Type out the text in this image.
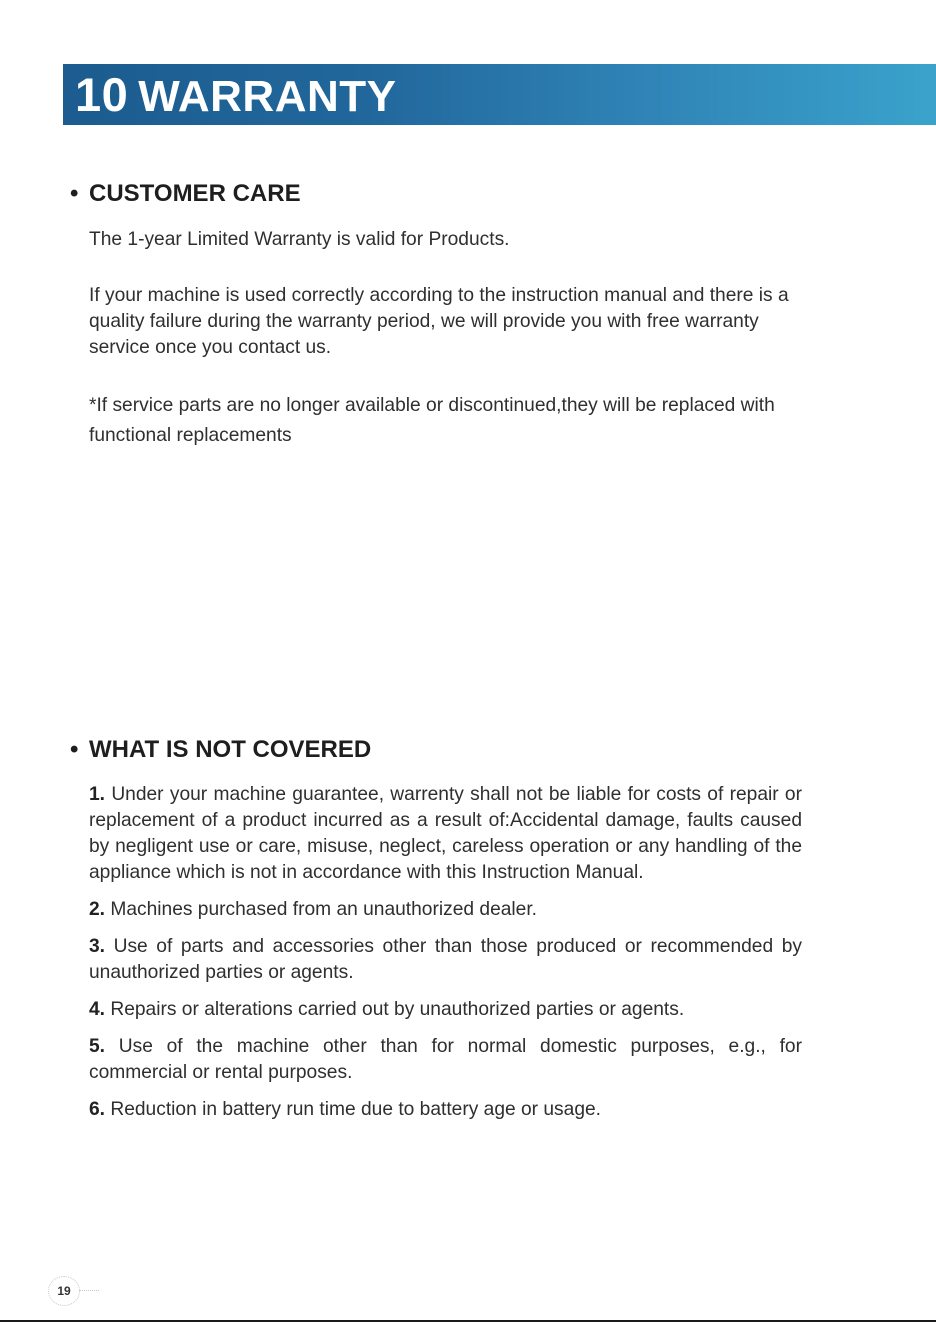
10 WARRANTY
• CUSTOMER CARE

The 1-year Limited Warranty is valid for Products.

If your machine is used correctly according to the instruction manual and there is a quality failure during the warranty period, we will provide you with free warranty service once you contact us.

*If service parts are no longer available or discontinued,they will be replaced with functional replacements

• WHAT IS NOT COVERED
1. Under your machine guarantee, warrenty shall not be liable for costs of repair or replacement of a product incurred as a result of:Accidental damage, faults caused by negligent use or care, misuse, neglect, careless operation or any handling of the appliance which is not in accordance with this Instruction Manual.
2. Machines purchased from an unauthorized dealer.
3. Use of parts and accessories other than those produced or recommended by unauthorized parties or agents.
4. Repairs or alterations carried out by unauthorized parties or agents.
5. Use of the machine other than for normal domestic purposes, e.g., for commercial or rental purposes.
6. Reduction in battery run time due to battery age or usage.
19
